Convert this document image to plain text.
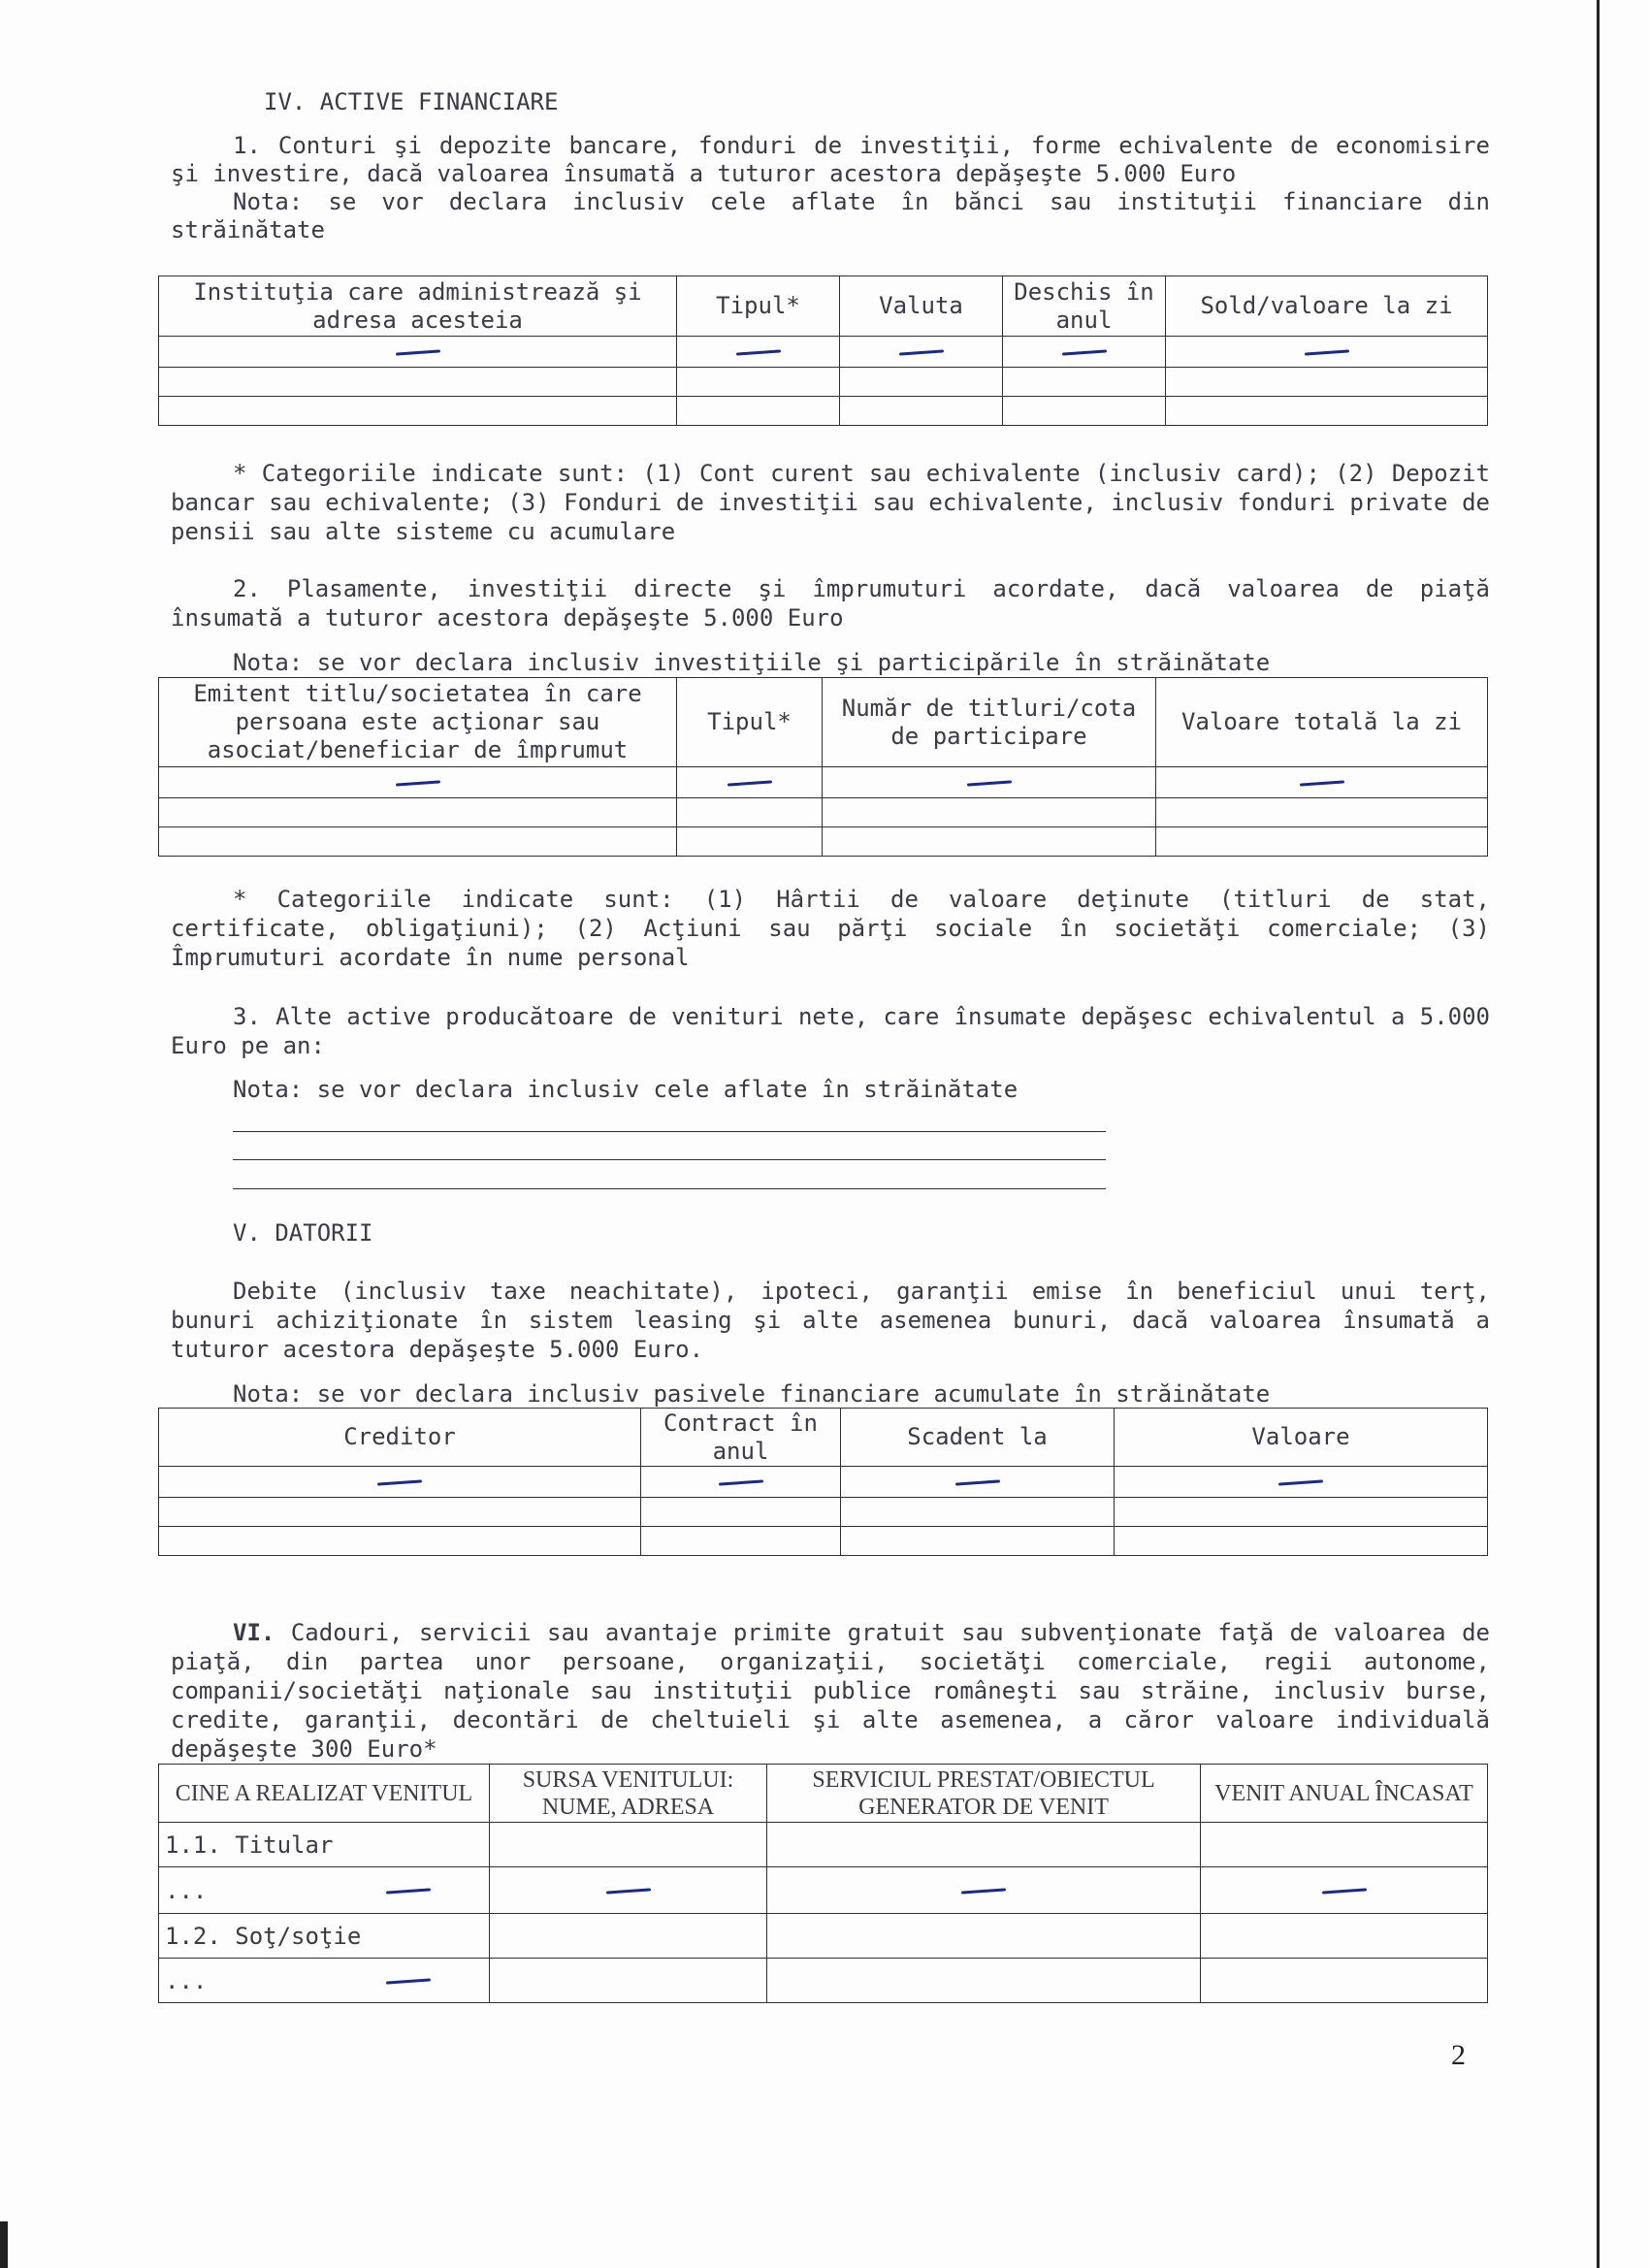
IV. ACTIVE FINANCIARE

1. Conturi şi depozite bancare, fonduri de investiţii, forme echivalente de economisire şi investire, dacă valoarea însumată a tuturor acestora depăşeşte 5.000 Euro

Nota: se vor declara inclusiv cele aflate în bănci sau instituţii financiare din străinătate

Instituţia care administrează şi adresa acesteia	Tipul*	Valuta	Deschis în anul	Sold/valoare la zi

* Categoriile indicate sunt: (1) Cont curent sau echivalente (inclusiv card); (2) Depozit bancar sau echivalente; (3) Fonduri de investiţii sau echivalente, inclusiv fonduri private de pensii sau alte sisteme cu acumulare

2. Plasamente, investiţii directe şi împrumuturi acordate, dacă valoarea de piaţă însumată a tuturor acestora depăşeşte 5.000 Euro

Nota: se vor declara inclusiv investiţiile şi participările în străinătate

Emitent titlu/societatea în care persoana este acţionar sau asociat/beneficiar de împrumut	Tipul*	Număr de titluri/cota de participare	Valoare totală la zi

* Categoriile indicate sunt: (1) Hârtii de valoare deţinute (titluri de stat, certificate, obligaţiuni); (2) Acţiuni sau părţi sociale în societăţi comerciale; (3) Împrumuturi acordate în nume personal

3. Alte active producătoare de venituri nete, care însumate depăşesc echivalentul a 5.000 Euro pe an:

Nota: se vor declara inclusiv cele aflate în străinătate

V. DATORII

Debite (inclusiv taxe neachitate), ipoteci, garanţii emise în beneficiul unui terţ, bunuri achiziţionate în sistem leasing şi alte asemenea bunuri, dacă valoarea însumată a tuturor acestora depăşeşte 5.000 Euro.

Nota: se vor declara inclusiv pasivele financiare acumulate în străinătate

Creditor	Contract în anul	Scadent la	Valoare

VI. Cadouri, servicii sau avantaje primite gratuit sau subvenţionate faţă de valoarea de piaţă, din partea unor persoane, organizaţii, societăţi comerciale, regii autonome, companii/societăţi naţionale sau instituţii publice româneşti sau străine, inclusiv burse, credite, garanţii, decontări de cheltuieli şi alte asemenea, a căror valoare individuală depăşeşte 300 Euro*

CINE A REALIZAT VENITUL	SURSA VENITULUI: NUME, ADRESA	SERVICIUL PRESTAT/OBIECTUL GENERATOR DE VENIT	VENIT ANUAL ÎNCASAT
1.1. Titular			
...			
1.2. Soţ/soţie			
...			
2
